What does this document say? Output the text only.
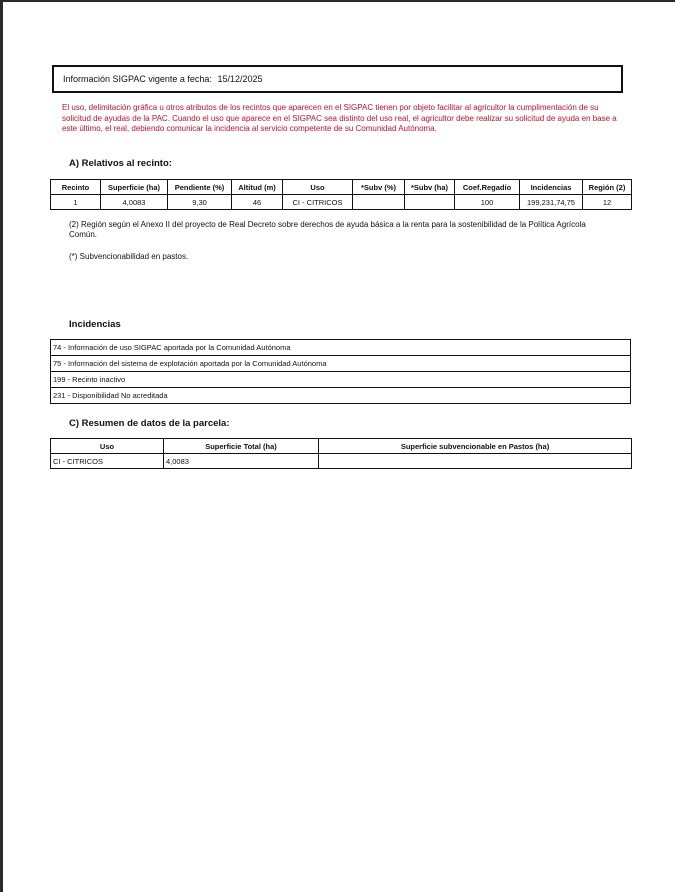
Información SIGPAC vigente a fecha: 15/12/2025
El uso, delimitación gráfica u otros atributos de los recintos que aparecen en el SIGPAC tienen por objeto facilitar al agricultor la cumplimentación de su solicitud de ayudas de la PAC. Cuando el uso que aparece en el SIGPAC sea distinto del uso real, el agricultor debe realizar su solicitud de ayuda en base a este último, el real, debiendo comunicar la incidencia al servicio competente de su Comunidad Autónoma.
A) Relativos al recinto:
Recinto	Superficie (ha)	Pendiente (%)	Altitud (m)	Uso	*Subv (%)	*Subv (ha)	Coef.Regadío	Incidencias	Región (2)
1	4,0083	9,30	46	CI - CITRICOS			100	199,231,74,75	12
(2) Región según el Anexo II del proyecto de Real Decreto sobre derechos de ayuda básica a la renta para la sostenibilidad de la Política Agrícola Común.
(*) Subvencionabilidad en pastos.
Incidencias
74 - Información de uso SIGPAC aportada por la Comunidad Autónoma
75 - Información del sistema de explotación aportada por la Comunidad Autónoma
199 - Recinto inactivo
231 - Disponibilidad No acreditada
C) Resumen de datos de la parcela:
Uso	Superficie Total (ha)	Superficie subvencionable en Pastos (ha)
CI - CITRICOS	4,0083	
